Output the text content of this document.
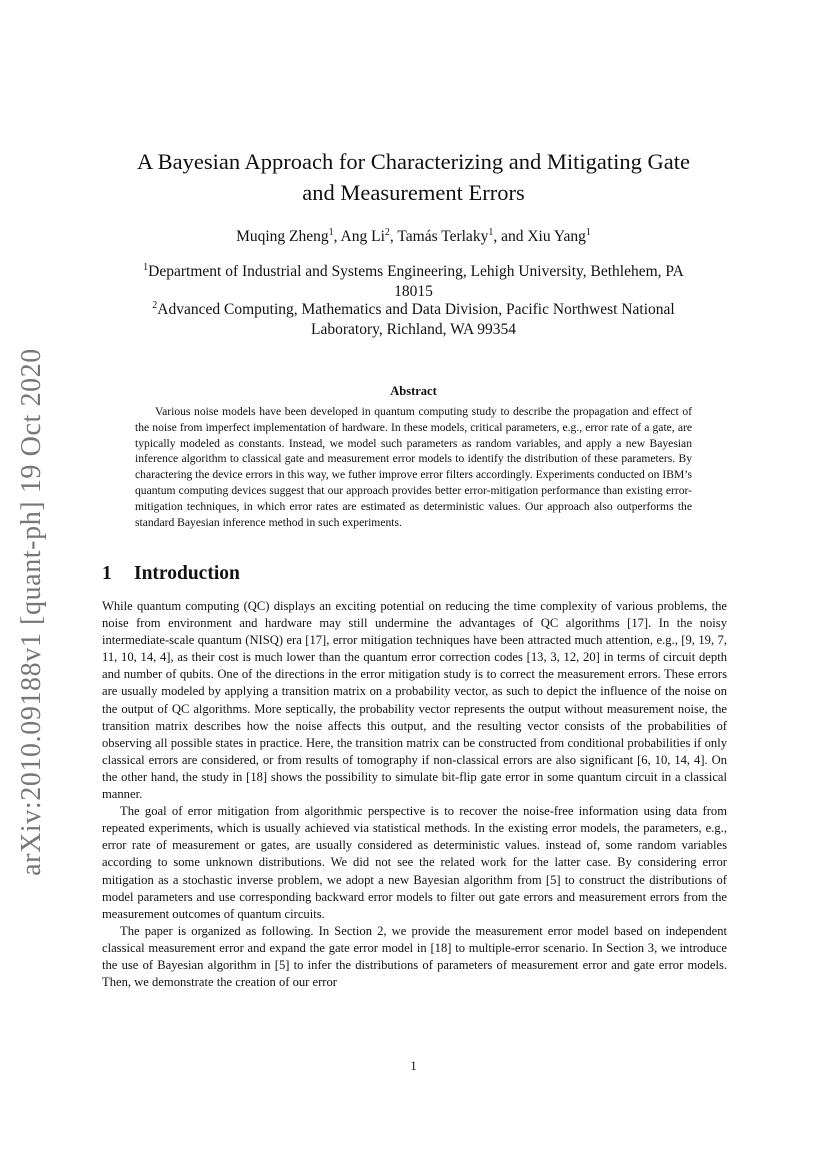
arXiv:2010.09188v1 [quant-ph] 19 Oct 2020
A Bayesian Approach for Characterizing and Mitigating Gate
and Measurement Errors
Muqing Zheng$^1$, Ang Li$^2$, Tamás Terlaky$^1$, and Xiu Yang$^1$
$^1$Department of Industrial and Systems Engineering, Lehigh University, Bethlehem, PA
18015
$^2$Advanced Computing, Mathematics and Data Division, Pacific Northwest National
Laboratory, Richland, WA 99354
Abstract
Various noise models have been developed in quantum computing study to describe the propagation and effect of the noise from imperfect implementation of hardware. In these models, critical parameters, e.g., error rate of a gate, are typically modeled as constants. Instead, we model such parameters as random variables, and apply a new Bayesian inference algorithm to classical gate and measurement error models to identify the distribution of these parameters. By charactering the device errors in this way, we futher improve error filters accordingly. Experiments conducted on IBM’s quantum computing devices suggest that our approach provides better error-mitigation performance than existing error-mitigation techniques, in which error rates are estimated as deterministic values. Our approach also outperforms the standard Bayesian inference method in such experiments.
1 Introduction

While quantum computing (QC) displays an exciting potential on reducing the time complexity of various problems, the noise from environment and hardware may still undermine the advantages of QC algorithms [17]. In the noisy intermediate-scale quantum (NISQ) era [17], error mitigation techniques have been attracted much attention, e.g., [9, 19, 7, 11, 10, 14, 4], as their cost is much lower than the quantum error correction codes [13, 3, 12, 20] in terms of circuit depth and number of qubits. One of the directions in the error mitigation study is to correct the measurement errors. These errors are usually modeled by applying a transition matrix on a probability vector, as such to depict the influence of the noise on the output of QC algorithms. More septically, the probability vector represents the output without measurement noise, the transition matrix describes how the noise affects this output, and the resulting vector consists of the probabilities of observing all possible states in practice. Here, the transition matrix can be constructed from conditional probabilities if only classical errors are considered, or from results of tomography if non-classical errors are also significant [6, 10, 14, 4]. On the other hand, the study in [18] shows the possibility to simulate bit-flip gate error in some quantum circuit in a classical manner.

The goal of error mitigation from algorithmic perspective is to recover the noise-free information using data from repeated experiments, which is usually achieved via statistical methods. In the existing error models, the parameters, e.g., error rate of measurement or gates, are usually considered as deterministic values. instead of, some random variables according to some unknown distributions. We did not see the related work for the latter case. By considering error mitigation as a stochastic inverse problem, we adopt a new Bayesian algorithm from [5] to construct the distributions of model parameters and use corresponding backward error models to filter out gate errors and measurement errors from the measurement outcomes of quantum circuits.

The paper is organized as following. In Section 2, we provide the measurement error model based on independent classical measurement error and expand the gate error model in [18] to multiple-error scenario. In Section 3, we introduce the use of Bayesian algorithm in [5] to infer the distributions of parameters of measurement error and gate error models. Then, we demonstrate the creation of our error

1
